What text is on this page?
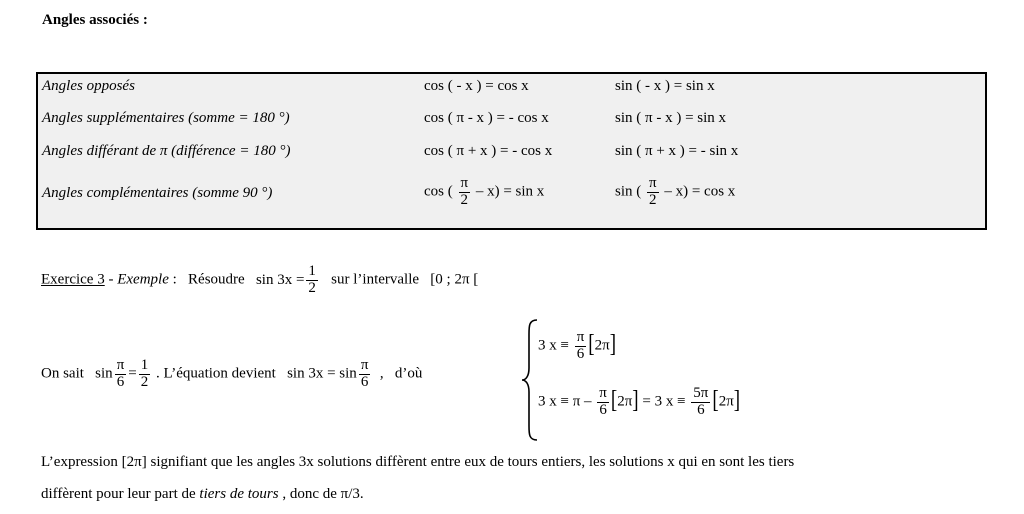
Angles associés :
Angles opposés	cos ( - x ) = cos x	sin ( - x ) = sin x
Angles supplémentaires (somme = 180 °)	cos ( π - x ) = - cos x	sin ( π - x ) = sin x
Angles différant de π (différence = 180 °)	cos ( π + x ) = - cos x	sin ( π + x ) = - sin x
Angles complémentaires (somme 90 °)	cos ( $\frac{\pi}{2} - x) = \sin x$	sin ( $\frac{\pi}{2} - x) = \cos x$
Exercice 3 - Exemple : Résoudre $\sin 3x = \frac{1}{2}$ sur l’intervalle [0 ; 2π [
On sait $\sin \frac{\pi}{6} = \frac{1}{2}$ . L’équation devient $\sin 3x = \sin \frac{\pi}{6}$ , d’où
3 $x \equiv \frac{\pi}{6} [2\pi]$
3 $x \equiv \pi - \frac{\pi}{6} [2\pi] = 3$ $x \equiv \frac{5\pi}{6} [2\pi]$
L’expression [2π] signifiant que les angles 3x solutions diffèrent entre eux de tours entiers, les solutions x qui en sont les tiers
diffèrent pour leur part de tiers de tours , donc de π/3.
